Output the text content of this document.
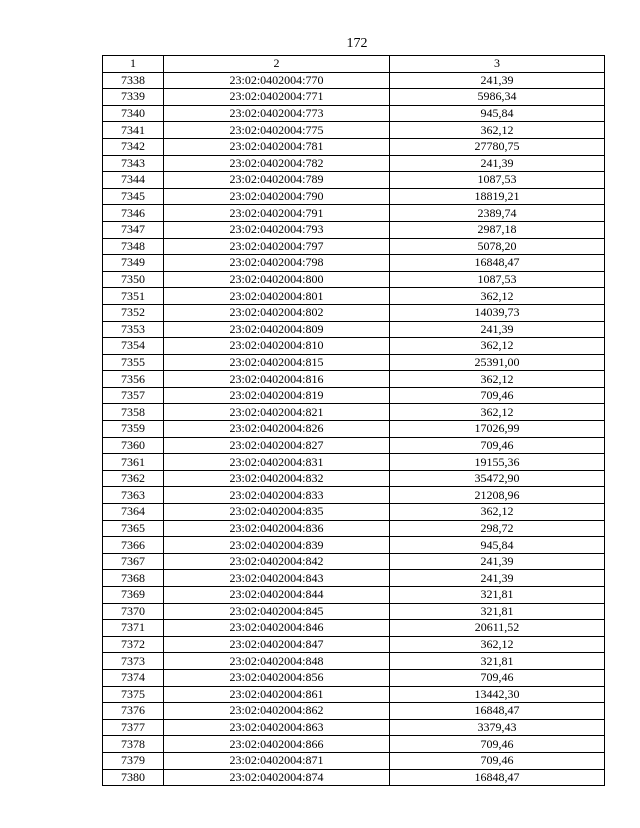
172
1	2	3
7338	23:02:0402004:770	241,39
7339	23:02:0402004:771	5986,34
7340	23:02:0402004:773	945,84
7341	23:02:0402004:775	362,12
7342	23:02:0402004:781	27780,75
7343	23:02:0402004:782	241,39
7344	23:02:0402004:789	1087,53
7345	23:02:0402004:790	18819,21
7346	23:02:0402004:791	2389,74
7347	23:02:0402004:793	2987,18
7348	23:02:0402004:797	5078,20
7349	23:02:0402004:798	16848,47
7350	23:02:0402004:800	1087,53
7351	23:02:0402004:801	362,12
7352	23:02:0402004:802	14039,73
7353	23:02:0402004:809	241,39
7354	23:02:0402004:810	362,12
7355	23:02:0402004:815	25391,00
7356	23:02:0402004:816	362,12
7357	23:02:0402004:819	709,46
7358	23:02:0402004:821	362,12
7359	23:02:0402004:826	17026,99
7360	23:02:0402004:827	709,46
7361	23:02:0402004:831	19155,36
7362	23:02:0402004:832	35472,90
7363	23:02:0402004:833	21208,96
7364	23:02:0402004:835	362,12
7365	23:02:0402004:836	298,72
7366	23:02:0402004:839	945,84
7367	23:02:0402004:842	241,39
7368	23:02:0402004:843	241,39
7369	23:02:0402004:844	321,81
7370	23:02:0402004:845	321,81
7371	23:02:0402004:846	20611,52
7372	23:02:0402004:847	362,12
7373	23:02:0402004:848	321,81
7374	23:02:0402004:856	709,46
7375	23:02:0402004:861	13442,30
7376	23:02:0402004:862	16848,47
7377	23:02:0402004:863	3379,43
7378	23:02:0402004:866	709,46
7379	23:02:0402004:871	709,46
7380	23:02:0402004:874	16848,47
